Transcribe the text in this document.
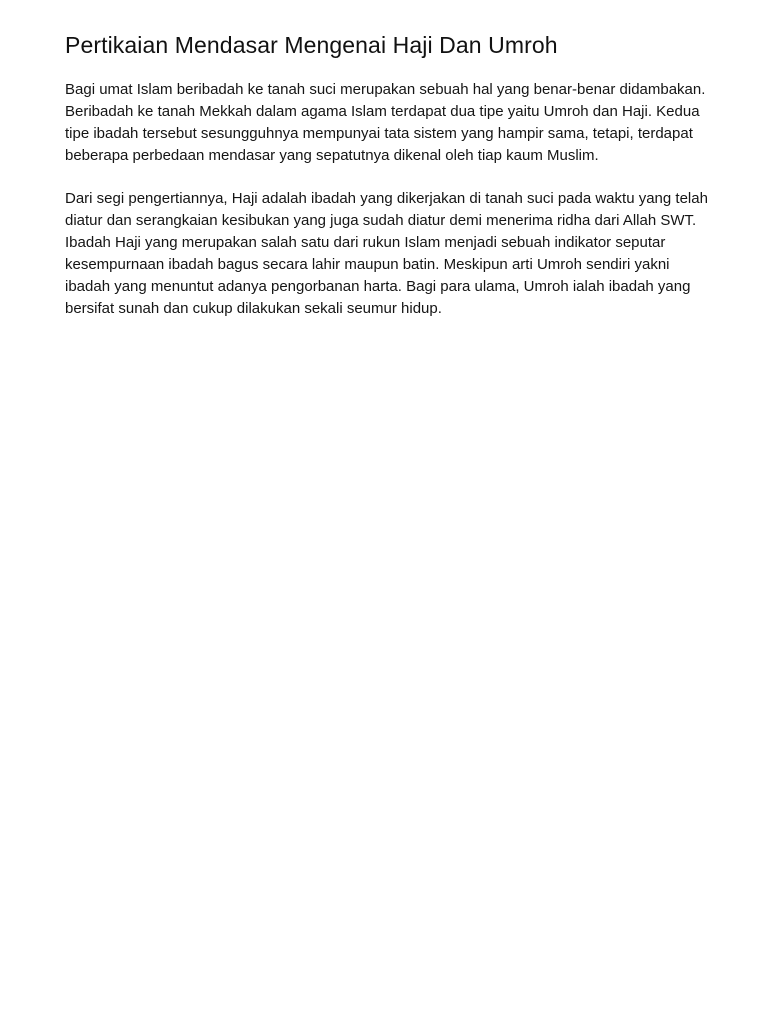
Pertikaian Mendasar Mengenai Haji Dan Umroh

Bagi umat Islam beribadah ke tanah suci merupakan sebuah hal yang benar-benar didambakan. Beribadah ke tanah Mekkah dalam agama Islam terdapat dua tipe yaitu Umroh dan Haji. Kedua tipe ibadah tersebut sesungguhnya mempunyai tata sistem yang hampir sama, tetapi, terdapat beberapa perbedaan mendasar yang sepatutnya dikenal oleh tiap kaum Muslim.

Dari segi pengertiannya, Haji adalah ibadah yang dikerjakan di tanah suci pada waktu yang telah diatur dan serangkaian kesibukan yang juga sudah diatur demi menerima ridha dari Allah SWT. Ibadah Haji yang merupakan salah satu dari rukun Islam menjadi sebuah indikator seputar kesempurnaan ibadah bagus secara lahir maupun batin. Meskipun arti Umroh sendiri yakni ibadah yang menuntut adanya pengorbanan harta. Bagi para ulama, Umroh ialah ibadah yang bersifat sunah dan cukup dilakukan sekali seumur hidup.
